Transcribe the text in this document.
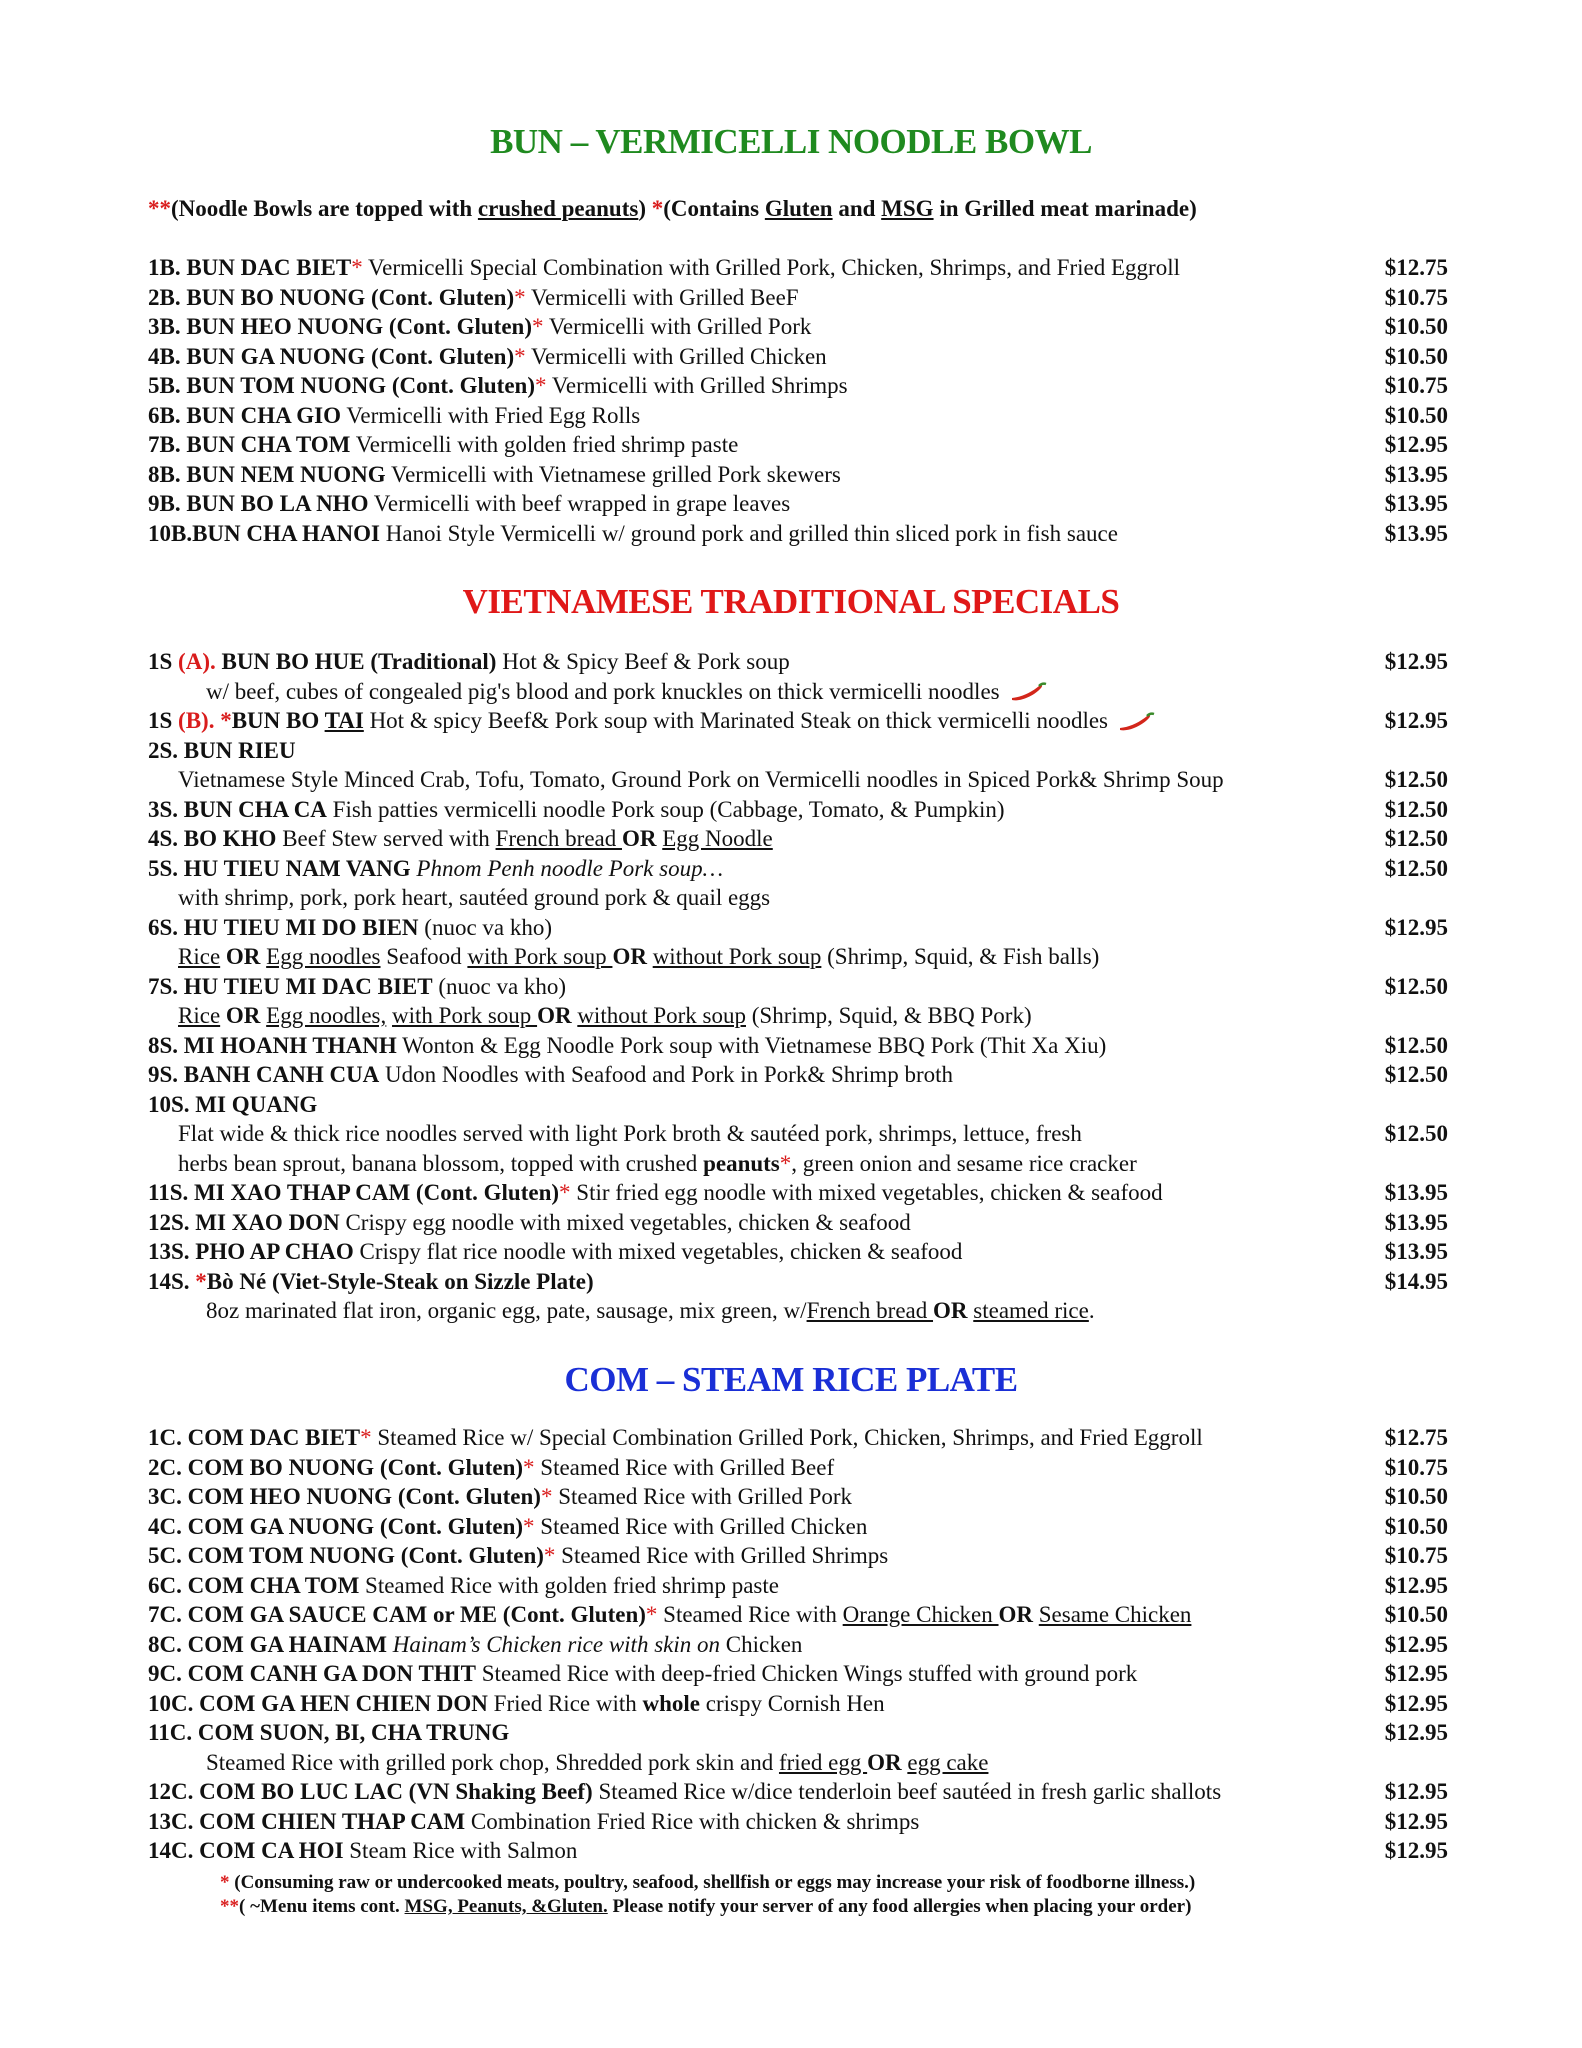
BUN – VERMICELLI NOODLE BOWL
**(Noodle Bowls are topped with crushed peanuts) *(Contains Gluten and MSG in Grilled meat marinade)
1B. BUN DAC BIET* Vermicelli Special Combination with Grilled Pork, Chicken, Shrimps, and Fried Eggroll	$12.75
2B. BUN BO NUONG (Cont. Gluten)* Vermicelli with Grilled BeeF	$10.75
3B. BUN HEO NUONG (Cont. Gluten)* Vermicelli with Grilled Pork	$10.50
4B. BUN GA NUONG (Cont. Gluten)* Vermicelli with Grilled Chicken	$10.50
5B. BUN TOM NUONG (Cont. Gluten)* Vermicelli with Grilled Shrimps	$10.75
6B. BUN CHA GIO Vermicelli with Fried Egg Rolls	$10.50
7B. BUN CHA TOM Vermicelli with golden fried shrimp paste	$12.95
8B. BUN NEM NUONG Vermicelli with Vietnamese grilled Pork skewers	$13.95
9B. BUN BO LA NHO Vermicelli with beef wrapped in grape leaves	$13.95
10B.BUN CHA HANOI Hanoi Style Vermicelli w/ ground pork and grilled thin sliced pork in fish sauce	$13.95
VIETNAMESE TRADITIONAL SPECIALS
1S (A). BUN BO HUE (Traditional) Hot & Spicy Beef & Pork soup	$12.95
w/ beef, cubes of congealed pig's blood and pork knuckles on thick vermicelli noodles
1S (B). *BUN BO TAI Hot & spicy Beef& Pork soup with Marinated Steak on thick vermicelli noodles	$12.95
2S. BUN RIEU
Vietnamese Style Minced Crab, Tofu, Tomato, Ground Pork on Vermicelli noodles in Spiced Pork& Shrimp Soup	$12.50
3S. BUN CHA CA Fish patties vermicelli noodle Pork soup (Cabbage, Tomato, & Pumpkin)	$12.50
4S. BO KHO Beef Stew served with French bread OR Egg Noodle	$12.50
5S. HU TIEU NAM VANG Phnom Penh noodle Pork soup…	$12.50
with shrimp, pork, pork heart, sautéed ground pork & quail eggs
6S. HU TIEU MI DO BIEN (nuoc va kho)	$12.95
Rice OR Egg noodles Seafood with Pork soup OR without Pork soup (Shrimp, Squid, & Fish balls)
7S. HU TIEU MI DAC BIET (nuoc va kho)	$12.50
Rice OR Egg noodles, with Pork soup OR without Pork soup (Shrimp, Squid, & BBQ Pork)
8S. MI HOANH THANH Wonton & Egg Noodle Pork soup with Vietnamese BBQ Pork (Thit Xa Xiu)	$12.50
9S. BANH CANH CUA Udon Noodles with Seafood and Pork in Pork& Shrimp broth	$12.50
10S. MI QUANG
Flat wide & thick rice noodles served with light Pork broth & sautéed pork, shrimps, lettuce, fresh	$12.50
herbs bean sprout, banana blossom, topped with crushed peanuts*, green onion and sesame rice cracker
11S. MI XAO THAP CAM (Cont. Gluten)* Stir fried egg noodle with mixed vegetables, chicken & seafood	$13.95
12S. MI XAO DON Crispy egg noodle with mixed vegetables, chicken & seafood	$13.95
13S. PHO AP CHAO Crispy flat rice noodle with mixed vegetables, chicken & seafood	$13.95
14S. *Bò Né (Viet-Style-Steak on Sizzle Plate)	$14.95
8oz marinated flat iron, organic egg, pate, sausage, mix green, w/French bread OR steamed rice.
COM – STEAM RICE PLATE
1C. COM DAC BIET* Steamed Rice w/ Special Combination Grilled Pork, Chicken, Shrimps, and Fried Eggroll	$12.75
2C. COM BO NUONG (Cont. Gluten)* Steamed Rice with Grilled Beef	$10.75
3C. COM HEO NUONG (Cont. Gluten)* Steamed Rice with Grilled Pork	$10.50
4C. COM GA NUONG (Cont. Gluten)* Steamed Rice with Grilled Chicken	$10.50
5C. COM TOM NUONG (Cont. Gluten)* Steamed Rice with Grilled Shrimps	$10.75
6C. COM CHA TOM Steamed Rice with golden fried shrimp paste	$12.95
7C. COM GA SAUCE CAM or ME (Cont. Gluten)* Steamed Rice with Orange Chicken OR Sesame Chicken	$10.50
8C. COM GA HAINAM Hainam’s Chicken rice with skin on Chicken	$12.95
9C. COM CANH GA DON THIT Steamed Rice with deep-fried Chicken Wings stuffed with ground pork	$12.95
10C. COM GA HEN CHIEN DON Fried Rice with whole crispy Cornish Hen	$12.95
11C. COM SUON, BI, CHA TRUNG	$12.95
Steamed Rice with grilled pork chop, Shredded pork skin and fried egg OR egg cake
12C. COM BO LUC LAC (VN Shaking Beef) Steamed Rice w/dice tenderloin beef sautéed in fresh garlic shallots	$12.95
13C. COM CHIEN THAP CAM Combination Fried Rice with chicken & shrimps	$12.95
14C. COM CA HOI Steam Rice with Salmon	$12.95
* (Consuming raw or undercooked meats, poultry, seafood, shellfish or eggs may increase your risk of foodborne illness.)
**( ~Menu items cont. MSG, Peanuts, &Gluten. Please notify your server of any food allergies when placing your order)
